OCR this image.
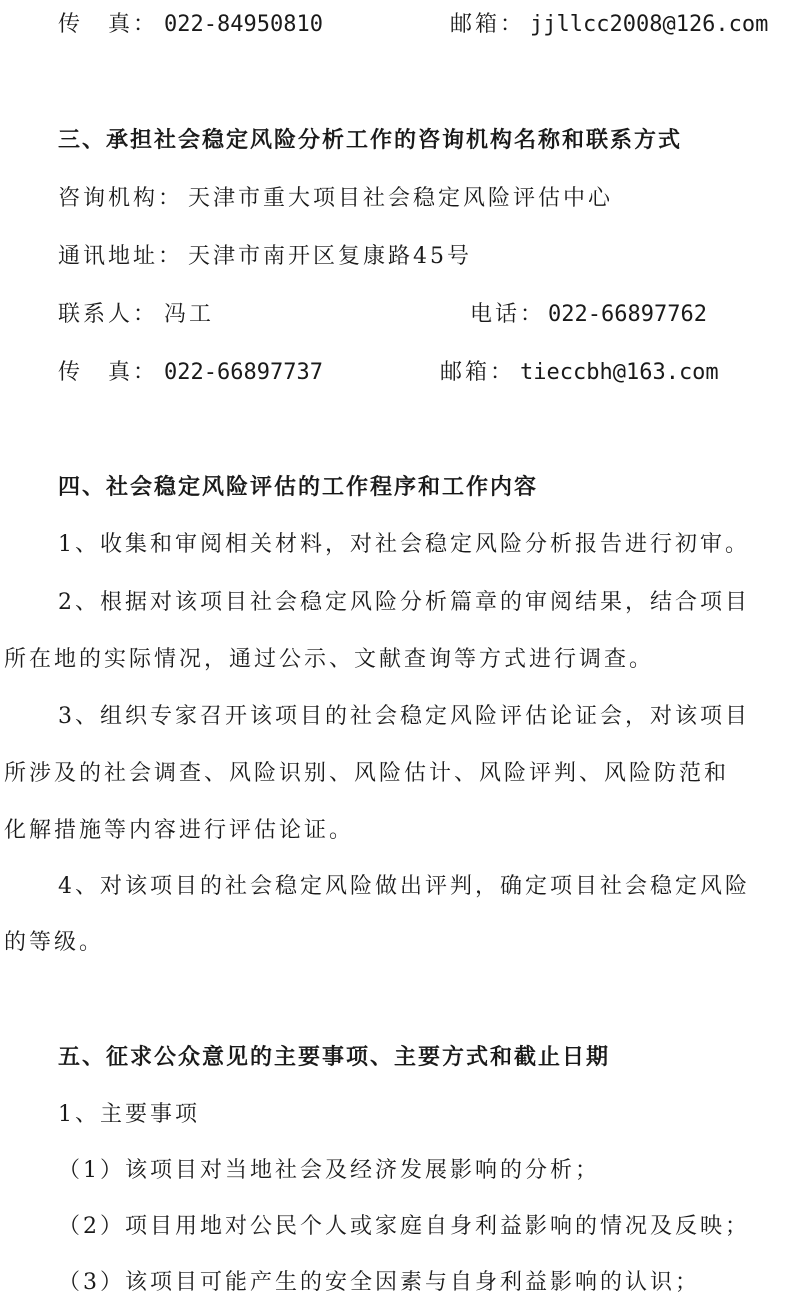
传　真： 022-84950810	邮箱： jjllcc2008@126.com
三、承担社会稳定风险分析工作的咨询机构名称和联系方式
咨询机构： 天津市重大项目社会稳定风险评估中心
通讯地址： 天津市南开区复康路45号
联系人： 冯工	电话： 022-66897762
传　真： 022-66897737	邮箱： tieccbh@163.com
四、社会稳定风险评估的工作程序和工作内容
1、收集和审阅相关材料，对社会稳定风险分析报告进行初审。
2、根据对该项目社会稳定风险分析篇章的审阅结果，结合项目
所在地的实际情况，通过公示、文献查询等方式进行调查。
3、组织专家召开该项目的社会稳定风险评估论证会，对该项目
所涉及的社会调查、风险识别、风险估计、风险评判、风险防范和
化解措施等内容进行评估论证。
4、对该项目的社会稳定风险做出评判，确定项目社会稳定风险
的等级。
五、征求公众意见的主要事项、主要方式和截止日期
1、主要事项
（1）该项目对当地社会及经济发展影响的分析；
（2）项目用地对公民个人或家庭自身利益影响的情况及反映；
（3）该项目可能产生的安全因素与自身利益影响的认识；
